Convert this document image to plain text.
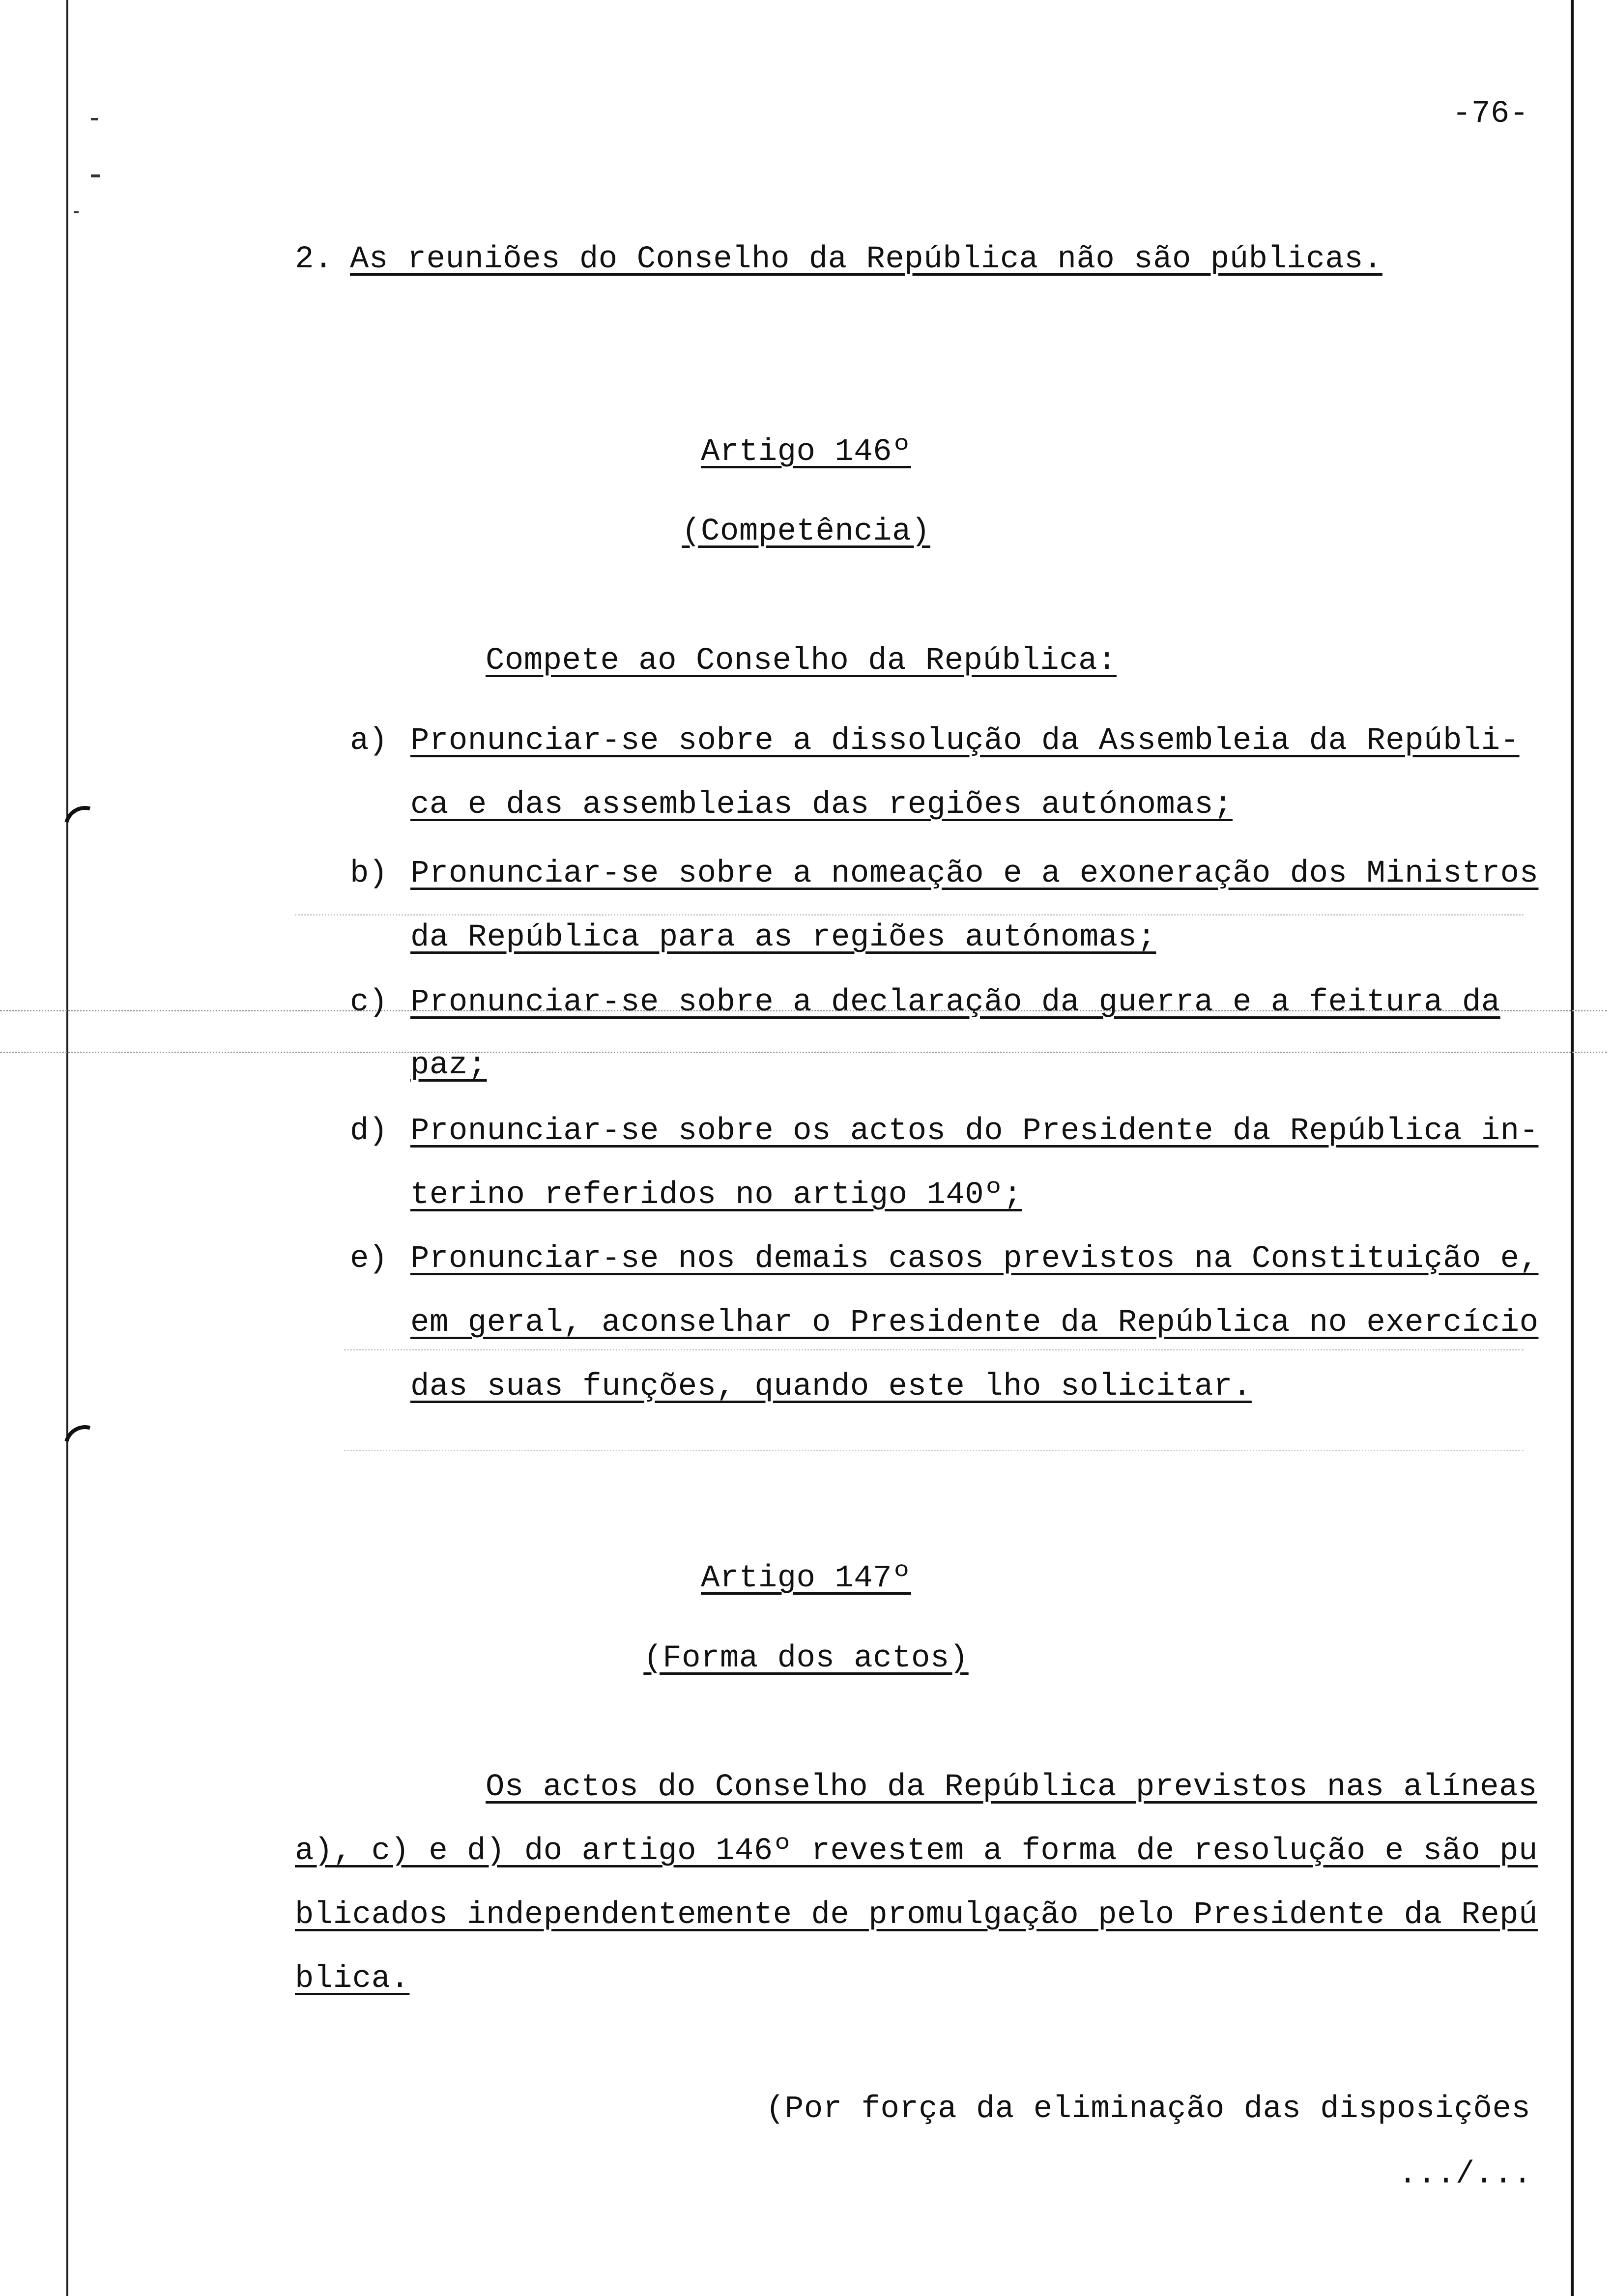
-76-
2. As reuniões do Conselho da República não são públicas.
Artigo 146º
(Competência)
Compete ao Conselho da República:
a) Pronunciar-se sobre a dissolução da Assembleia da Repúbli-
ca e das assembleias das regiões autónomas;
b) Pronunciar-se sobre a nomeação e a exoneração dos Ministros
da República para as regiões autónomas;
c) Pronunciar-se sobre a declaração da guerra e a feitura da
paz;
d) Pronunciar-se sobre os actos do Presidente da República in-
terino referidos no artigo 140º;
e) Pronunciar-se nos demais casos previstos na Constituição e,
em geral, aconselhar o Presidente da República no exercício
das suas funções, quando este lho solicitar.
Artigo 147º
(Forma dos actos)
Os actos do Conselho da República previstos nas alíneas
a), c) e d) do artigo 146º revestem a forma de resolução e são pu
blicados independentemente de promulgação pelo Presidente da Repú
blica.
(Por força da eliminação das disposições
.../...
